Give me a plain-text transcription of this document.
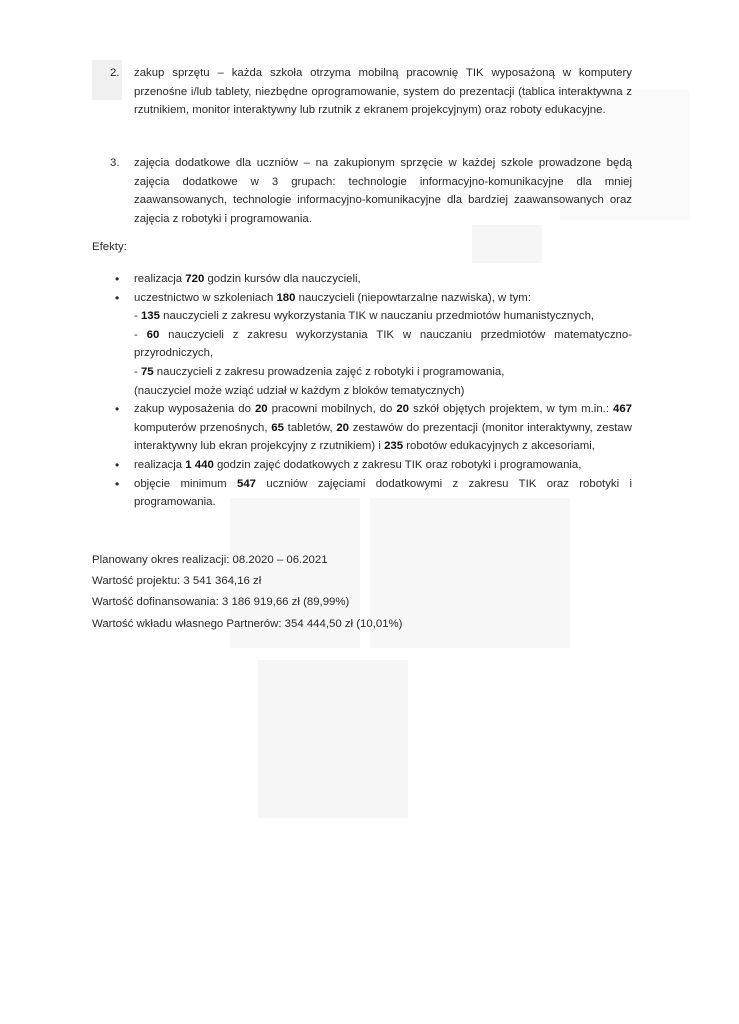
2. zakup sprzętu – każda szkoła otrzyma mobilną pracownię TIK wyposażoną w komputery przenośne i/lub tablety, niezbędne oprogramowanie, system do prezentacji (tablica interaktywna z rzutnikiem, monitor interaktywny lub rzutnik z ekranem projekcyjnym) oraz roboty edukacyjne.
3. zajęcia dodatkowe dla uczniów – na zakupionym sprzęcie w każdej szkole prowadzone będą zajęcia dodatkowe w 3 grupach: technologie informacyjno-komunikacyjne dla mniej zaawansowanych, technologie informacyjno-komunikacyjne dla bardziej zaawansowanych oraz zajęcia z robotyki i programowania.
Efekty:
• realizacja 720 godzin kursów dla nauczycieli,
• uczestnictwo w szkoleniach 180 nauczycieli (niepowtarzalne nazwiska), w tym:
- 135 nauczycieli z zakresu wykorzystania TIK w nauczaniu przedmiotów humanistycznych,
- 60 nauczycieli z zakresu wykorzystania TIK w nauczaniu przedmiotów matematyczno-przyrodniczych,
- 75 nauczycieli z zakresu prowadzenia zajęć z robotyki i programowania,
(nauczyciel może wziąć udział w każdym z bloków tematycznych)
• zakup wyposażenia do 20 pracowni mobilnych, do 20 szkół objętych projektem, w tym m.in.: 467 komputerów przenośnych, 65 tabletów, 20 zestawów do prezentacji (monitor interaktywny, zestaw interaktywny lub ekran projekcyjny z rzutnikiem) i 235 robotów edukacyjnych z akcesoriami,
• realizacja 1 440 godzin zajęć dodatkowych z zakresu TIK oraz robotyki i programowania,
• objęcie minimum 547 uczniów zajęciami dodatkowymi z zakresu TIK oraz robotyki i programowania.
Planowany okres realizacji: 08.2020 – 06.2021
Wartość projektu: 3 541 364,16 zł
Wartość dofinansowania: 3 186 919,66 zł (89,99%)
Wartość wkładu własnego Partnerów: 354 444,50 zł (10,01%)
